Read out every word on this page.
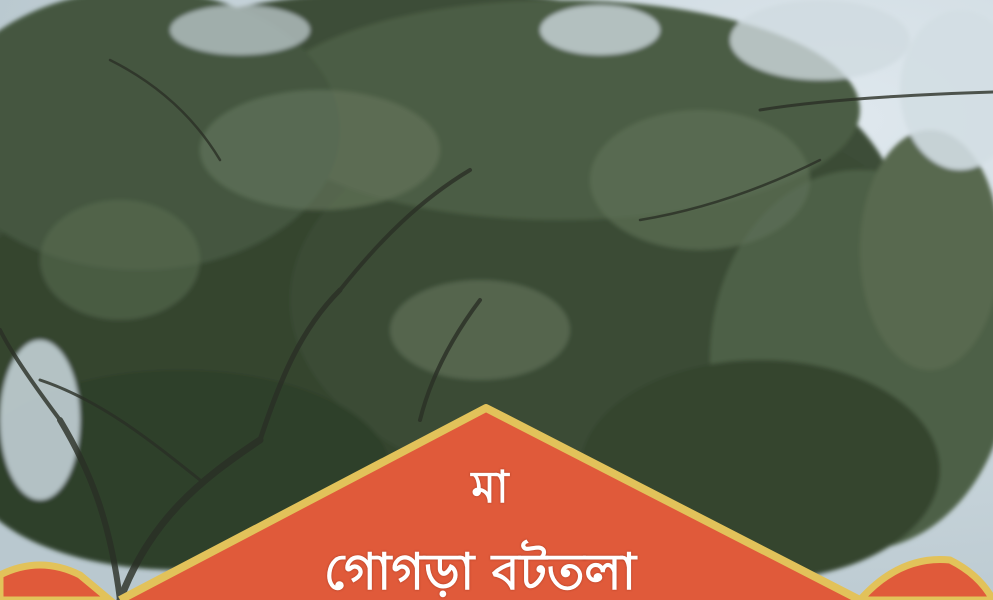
মা
গোগড়া বটতলা
